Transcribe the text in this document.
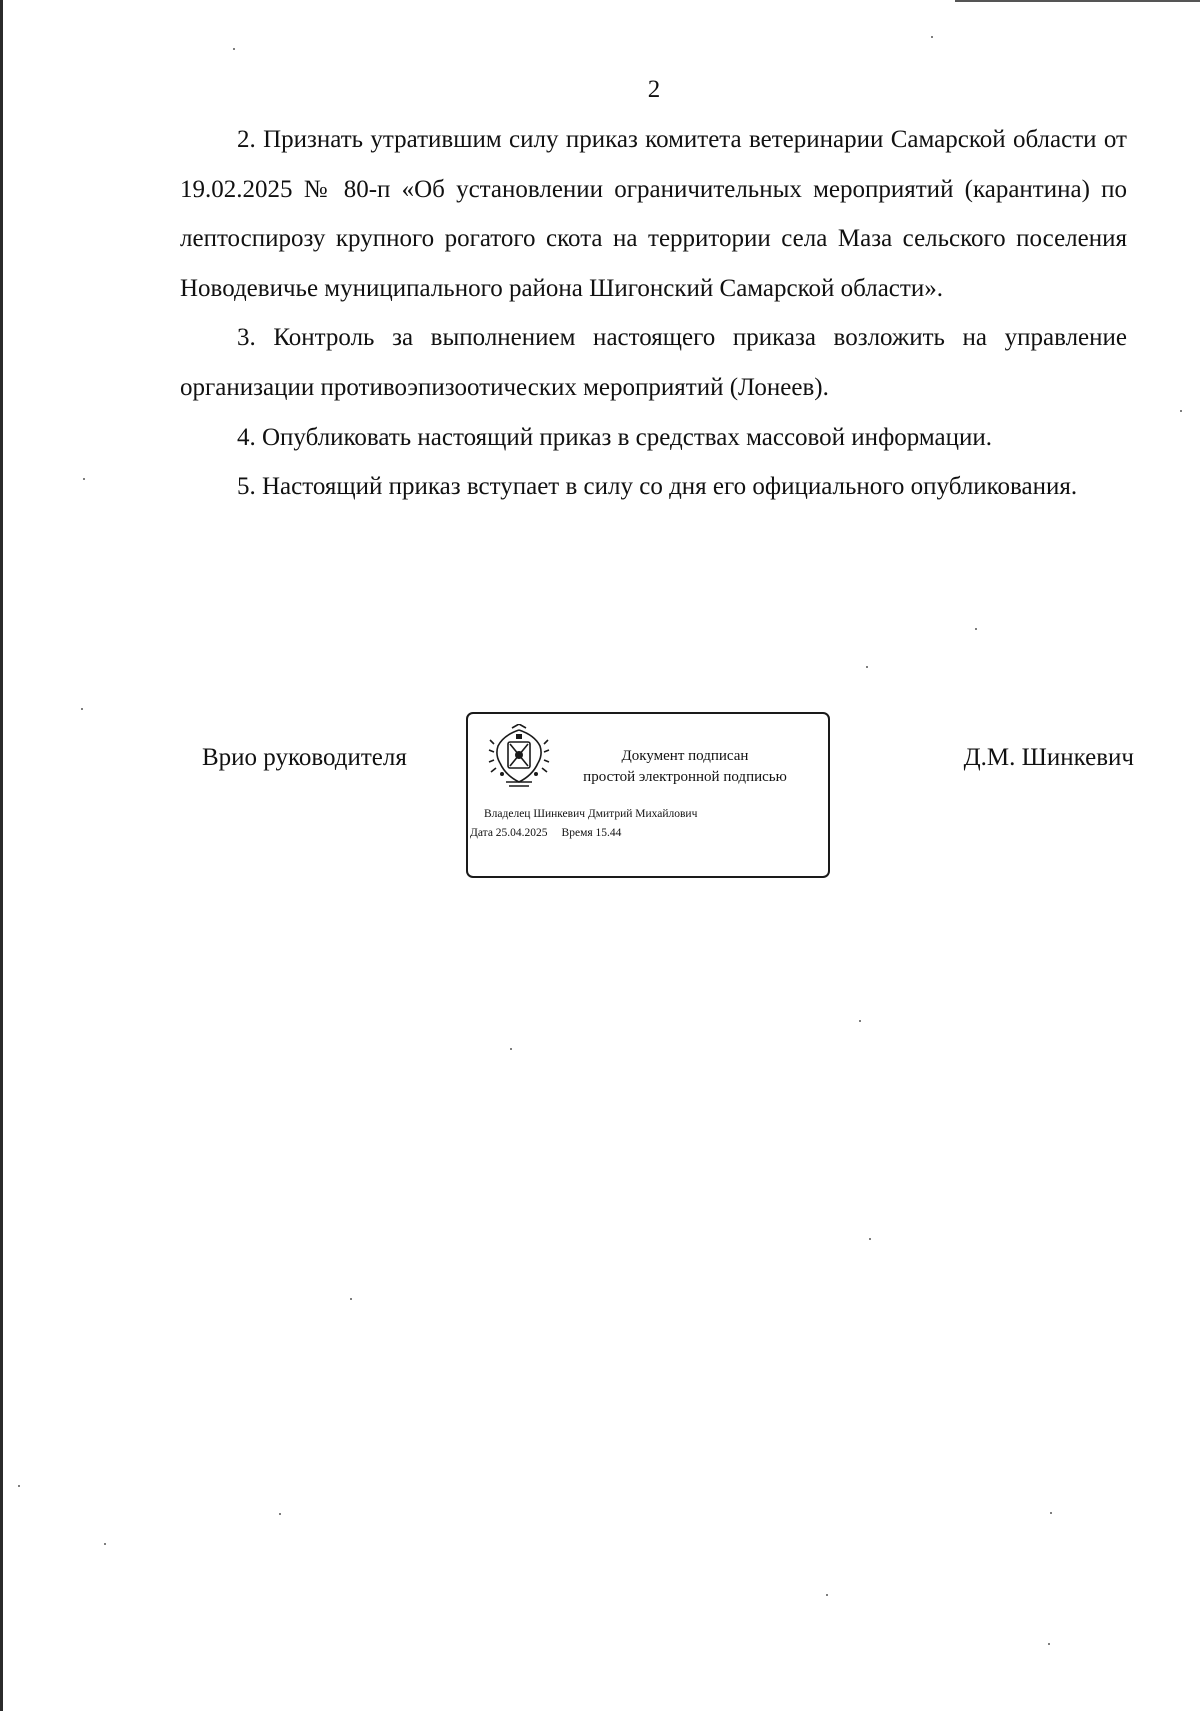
2

2. Признать утратившим силу приказ комитета ветеринарии Самарской области от 19.02.2025 № 80-п «Об установлении ограничительных мероприятий (карантина) по лептоспирозу крупного рогатого скота на территории села Маза сельского поселения Новодевичье муниципального района Шигонский Самарской области».

3. Контроль за выполнением настоящего приказа возложить на управление организации противоэпизоотических мероприятий (Лонеев).

4. Опубликовать настоящий приказ в средствах массовой информации.

5. Настоящий приказ вступает в силу со дня его официального опубликования.

Врио руководителя	Документ подписан
простой электронной подписью
Владелец Шинкевич Дмитрий Михайлович
Дата 25.04.2025 Время 15.44
Д.М. Шинкевич
